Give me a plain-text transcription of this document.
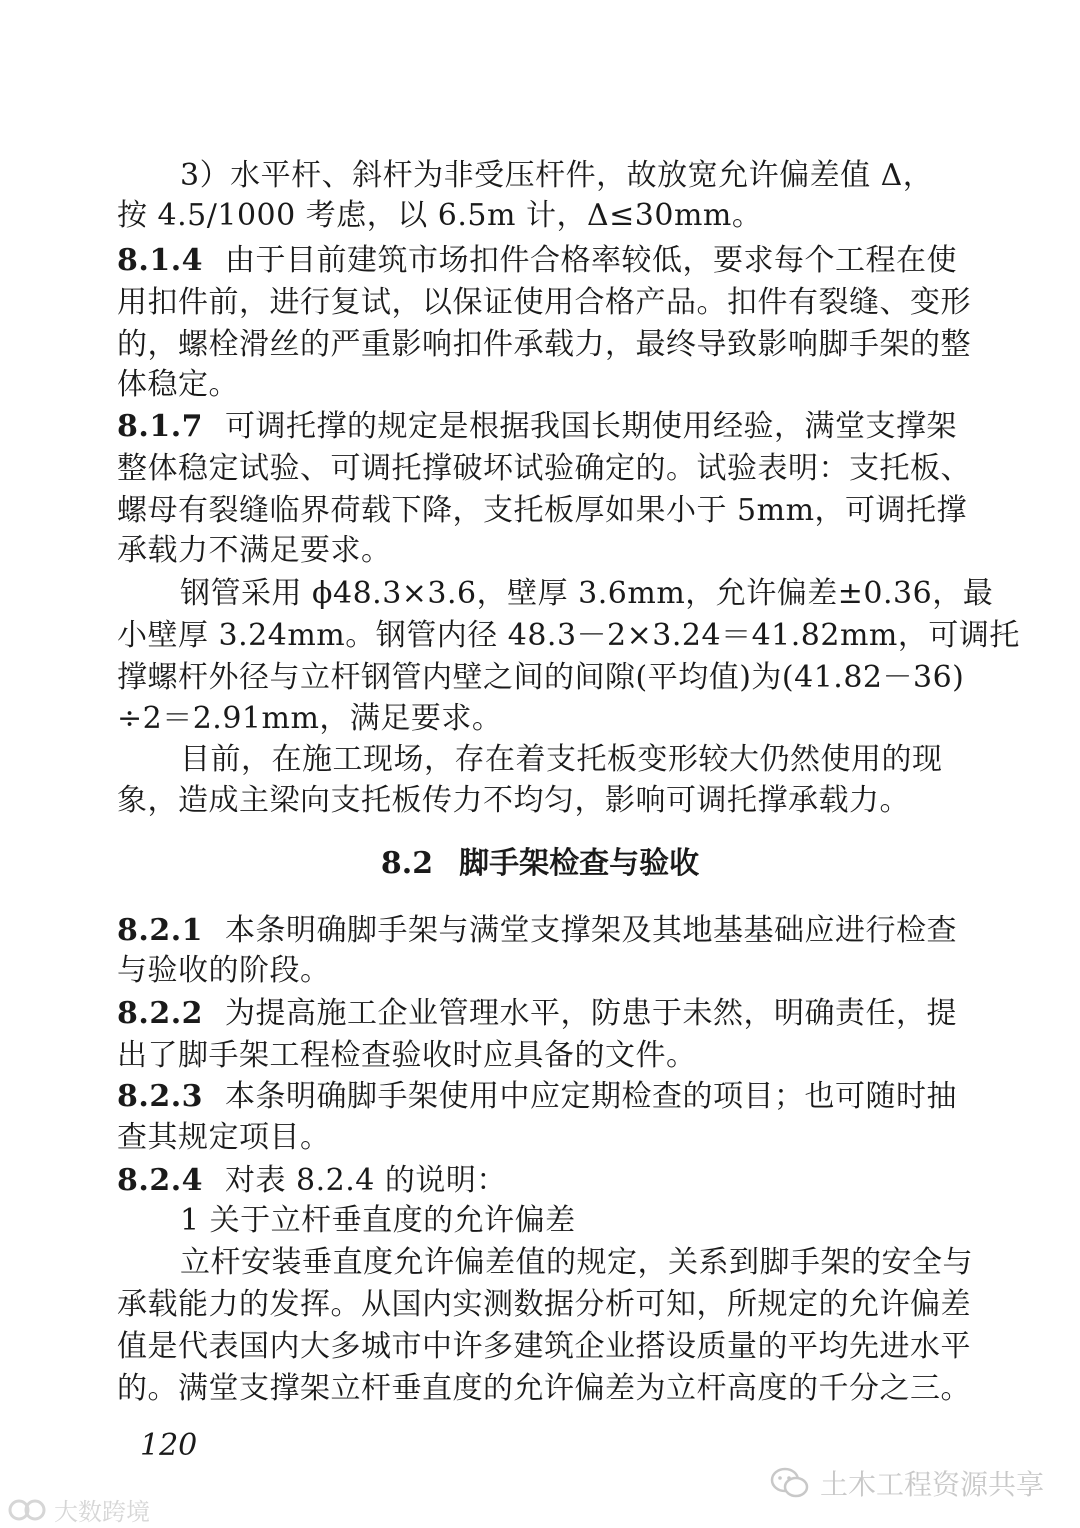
3）水平杆、斜杆为非受压杆件，故放宽允许偏差值 Δ，
按 4.5/1000 考虑，以 6.5m 计，Δ≤30mm。
8.1.4 由于目前建筑市场扣件合格率较低，要求每个工程在使
用扣件前，进行复试，以保证使用合格产品。扣件有裂缝、变形
的，螺栓滑丝的严重影响扣件承载力，最终导致影响脚手架的整
体稳定。
8.1.7 可调托撑的规定是根据我国长期使用经验，满堂支撑架
整体稳定试验、可调托撑破坏试验确定的。试验表明：支托板、
螺母有裂缝临界荷载下降，支托板厚如果小于 5mm，可调托撑
承载力不满足要求。
钢管采用 ϕ48.3×3.6，壁厚 3.6mm，允许偏差±0.36，最
小壁厚 3.24mm。钢管内径 48.3－2×3.24＝41.82mm，可调托
撑螺杆外径与立杆钢管内壁之间的间隙(平均值)为(41.82－36)
÷2＝2.91mm，满足要求。
目前，在施工现场，存在着支托板变形较大仍然使用的现
象，造成主梁向支托板传力不均匀，影响可调托撑承载力。
8.2 脚手架检查与验收
8.2.1 本条明确脚手架与满堂支撑架及其地基基础应进行检查
与验收的阶段。
8.2.2 为提高施工企业管理水平，防患于未然，明确责任，提
出了脚手架工程检查验收时应具备的文件。
8.2.3 本条明确脚手架使用中应定期检查的项目；也可随时抽
查其规定项目。
8.2.4 对表 8.2.4 的说明：
1 关于立杆垂直度的允许偏差
立杆安装垂直度允许偏差值的规定，关系到脚手架的安全与
承载能力的发挥。从国内实测数据分析可知，所规定的允许偏差
值是代表国内大多城市中许多建筑企业搭设质量的平均先进水平
的。满堂支撑架立杆垂直度的允许偏差为立杆高度的千分之三。
120
大数跨境
土木工程资源共享
